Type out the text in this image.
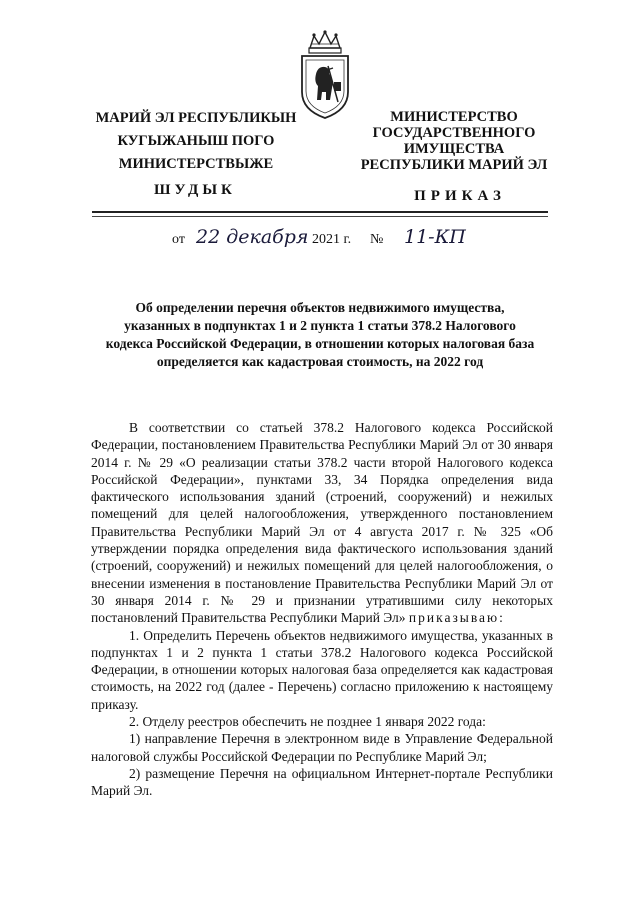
МАРИЙ ЭЛ РЕСПУБЛИКЫН
КУГЫЖАНЫШ ПОГО
МИНИСТЕРСТВЫЖЕ
ШУДЫК
МИНИСТЕРСТВО
ГОСУДАРСТВЕННОГО
ИМУЩЕСТВА
РЕСПУБЛИКИ МАРИЙ ЭЛ
ПРИКАЗ
от 22 декабря 2021 г. № 11-КП
Об определении перечня объектов недвижимого имущества, указанных в подпунктах 1 и 2 пункта 1 статьи 378.2 Налогового кодекса Российской Федерации, в отношении которых налоговая база определяется как кадастровая стоимость, на 2022 год

В соответствии со статьей 378.2 Налогового кодекса Российской Федерации, постановлением Правительства Республики Марий Эл от 30 января 2014 г. № 29 «О реализации статьи 378.2 части второй Налогового кодекса Российской Федерации», пунктами 33, 34 Порядка определения вида фактического использования зданий (строений, сооружений) и нежилых помещений для целей налогообложения, утвержденного постановлением Правительства Республики Марий Эл от 4 августа 2017 г. № 325 «Об утверждении порядка определения вида фактического использования зданий (строений, сооружений) и нежилых помещений для целей налогообложения, о внесении изменения в постановление Правительства Республики Марий Эл от 30 января 2014 г. № 29 и признании утратившими силу некоторых постановлений Правительства Республики Марий Эл» приказываю:

1. Определить Перечень объектов недвижимого имущества, указанных в подпунктах 1 и 2 пункта 1 статьи 378.2 Налогового кодекса Российской Федерации, в отношении которых налоговая база определяется как кадастровая стоимость, на 2022 год (далее - Перечень) согласно приложению к настоящему приказу.

2. Отделу реестров обеспечить не позднее 1 января 2022 года:

1) направление Перечня в электронном виде в Управление Федеральной налоговой службы Российской Федерации по Республике Марий Эл;

2) размещение Перечня на официальном Интернет-портале Республики Марий Эл.
